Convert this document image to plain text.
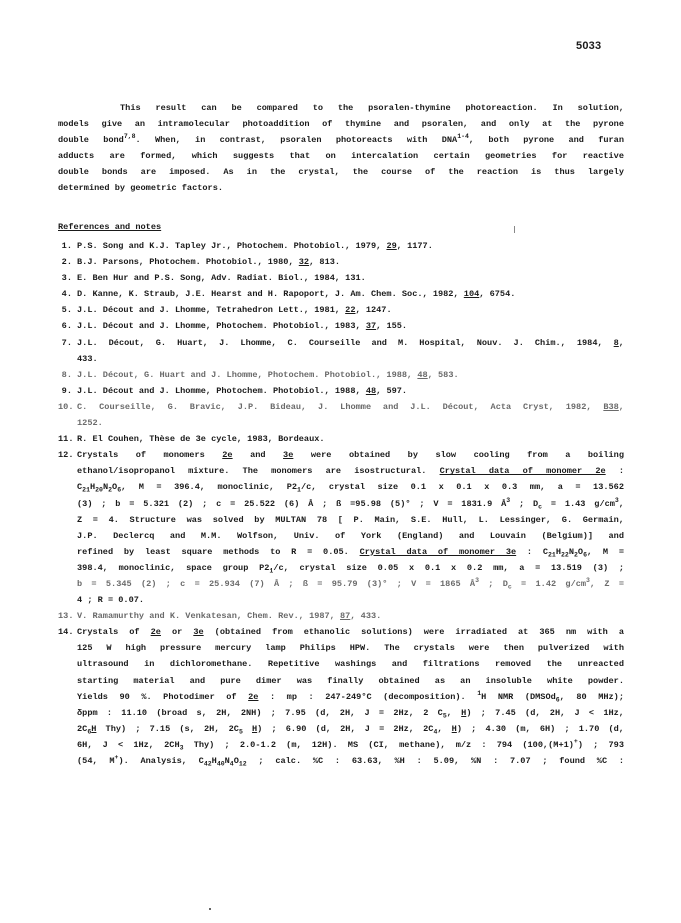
5033
This result can be compared to the psoralen-thymine photoreaction. In solution,
models give an intramolecular photoaddition of thymine and psoralen, and only at the pyrone
double bond$^{7,8}$. When, in contrast, psoralen photoreacts with DNA$^{1-4}$, both pyrone and furan
adducts are formed, which suggests that on intercalation certain geometries for reactive
double bonds are imposed. As in the crystal, the course of the reaction is thus largely
determined by geometric factors.
References and notes
1. P.S. Song and K.J. Tapley Jr., Photochem. Photobiol., 1979, 29, 1177.
2. B.J. Parsons, Photochem. Photobiol., 1980, 32, 813.
3. E. Ben Hur and P.S. Song, Adv. Radiat. Biol., 1984, 131.
4. D. Kanne, K. Straub, J.E. Hearst and H. Rapoport, J. Am. Chem. Soc., 1982, 104, 6754.
5. J.L. Décout and J. Lhomme, Tetrahedron Lett., 1981, 22, 1247.
6. J.L. Décout and J. Lhomme, Photochem. Photobiol., 1983, 37, 155.
7. J.L. Décout, G. Huart, J. Lhomme, C. Courseille and M. Hospital, Nouv. J. Chim., 1984, 8,
433.
8. J.L. Décout, G. Huart and J. Lhomme, Photochem. Photobiol., 1988, 48, 583.
9. J.L. Décout and J. Lhomme, Photochem. Photobiol., 1988, 48, 597.
10. C. Courseille, G. Bravic, J.P. Bideau, J. Lhomme and J.L. Décout, Acta Cryst, 1982, B38,
1252.
11. R. El Couhen, Thèse de 3e cycle, 1983, Bordeaux.
12. Crystals of monomers 2e and 3e were obtained by slow cooling from a boiling
ethanol/isopropanol mixture. The monomers are isostructural. Crystal data of monomer 2e :
$C_{21}H_{20}N_2O_6$, M = 396.4, monoclinic, $P2_1/c$, crystal size 0.1 x 0.1 x 0.3 mm, a = 13.562
(3) ; b = 5.321 (2) ; c = 25.522 (6) Å ; ß =95.98 (5)° ; V = 1831.9 $Å^3$ ; $D_c = 1.43$ $g/cm^3$,
Z = 4. Structure was solved by MULTAN 78 [ P. Main, S.E. Hull, L. Lessinger, G. Germain,
J.P. Declercq and M.M. Wolfson, Univ. of York (England) and Louvain (Belgium)] and
refined by least square methods to R = 0.05. Crystal data of monomer 3e : $C_{21}H_{22}N_2O_6$, M =
398.4, monoclinic, space group $P2_1/c$, crystal size 0.05 x 0.1 x 0.2 mm, a = 13.519 (3) ;
b = 5.345 (2) ; c = 25.934 (7) Å ; ß = 95.79 (3)° ; V = 1865 $Å^3$ ; $D_c = 1.42$ $g/cm^3$, Z =
4 ; R = 0.07.
13. V. Ramamurthy and K. Venkatesan, Chem. Rev., 1987, 87, 433.
14. Crystals of 2e or 3e (obtained from ethanolic solutions) were irradiated at 365 nm with a
125 W high pressure mercury lamp Philips HPW. The crystals were then pulverized with
ultrasound in dichloromethane. Repetitive washings and filtrations removed the unreacted
starting material and pure dimer was finally obtained as an insoluble white powder.
Yields 90 %. Photodimer of 2e : mp : 247-249°C (decomposition). $^1$H NMR (DMSOd$_6$, 80 MHz);
δppm : 11.10 (broad s, 2H, 2NH) ; 7.95 (d, 2H, J = 2Hz, 2 $C_5$, H) ; 7.45 (d, 2H, J < 1Hz,
$2C_6H$ Thy) ; 7.15 (s, 2H, $2C_5$ H) ; 6.90 (d, 2H, J = 2Hz, $2C_4$, H) ; 4.30 (m, 6H) ; 1.70 (d,
6H, J < 1Hz, $2CH_3$ Thy) ; 2.0-1.2 (m, 12H). MS (CI, methane), m/z : 794 (100,(M+1)+) ; 793
(54, M+). Analysis, $C_{42}H_{40}N_4O_{12}$ ; calc. %C : 63.63, %H : 5.09, %N : 7.07 ; found %C :
